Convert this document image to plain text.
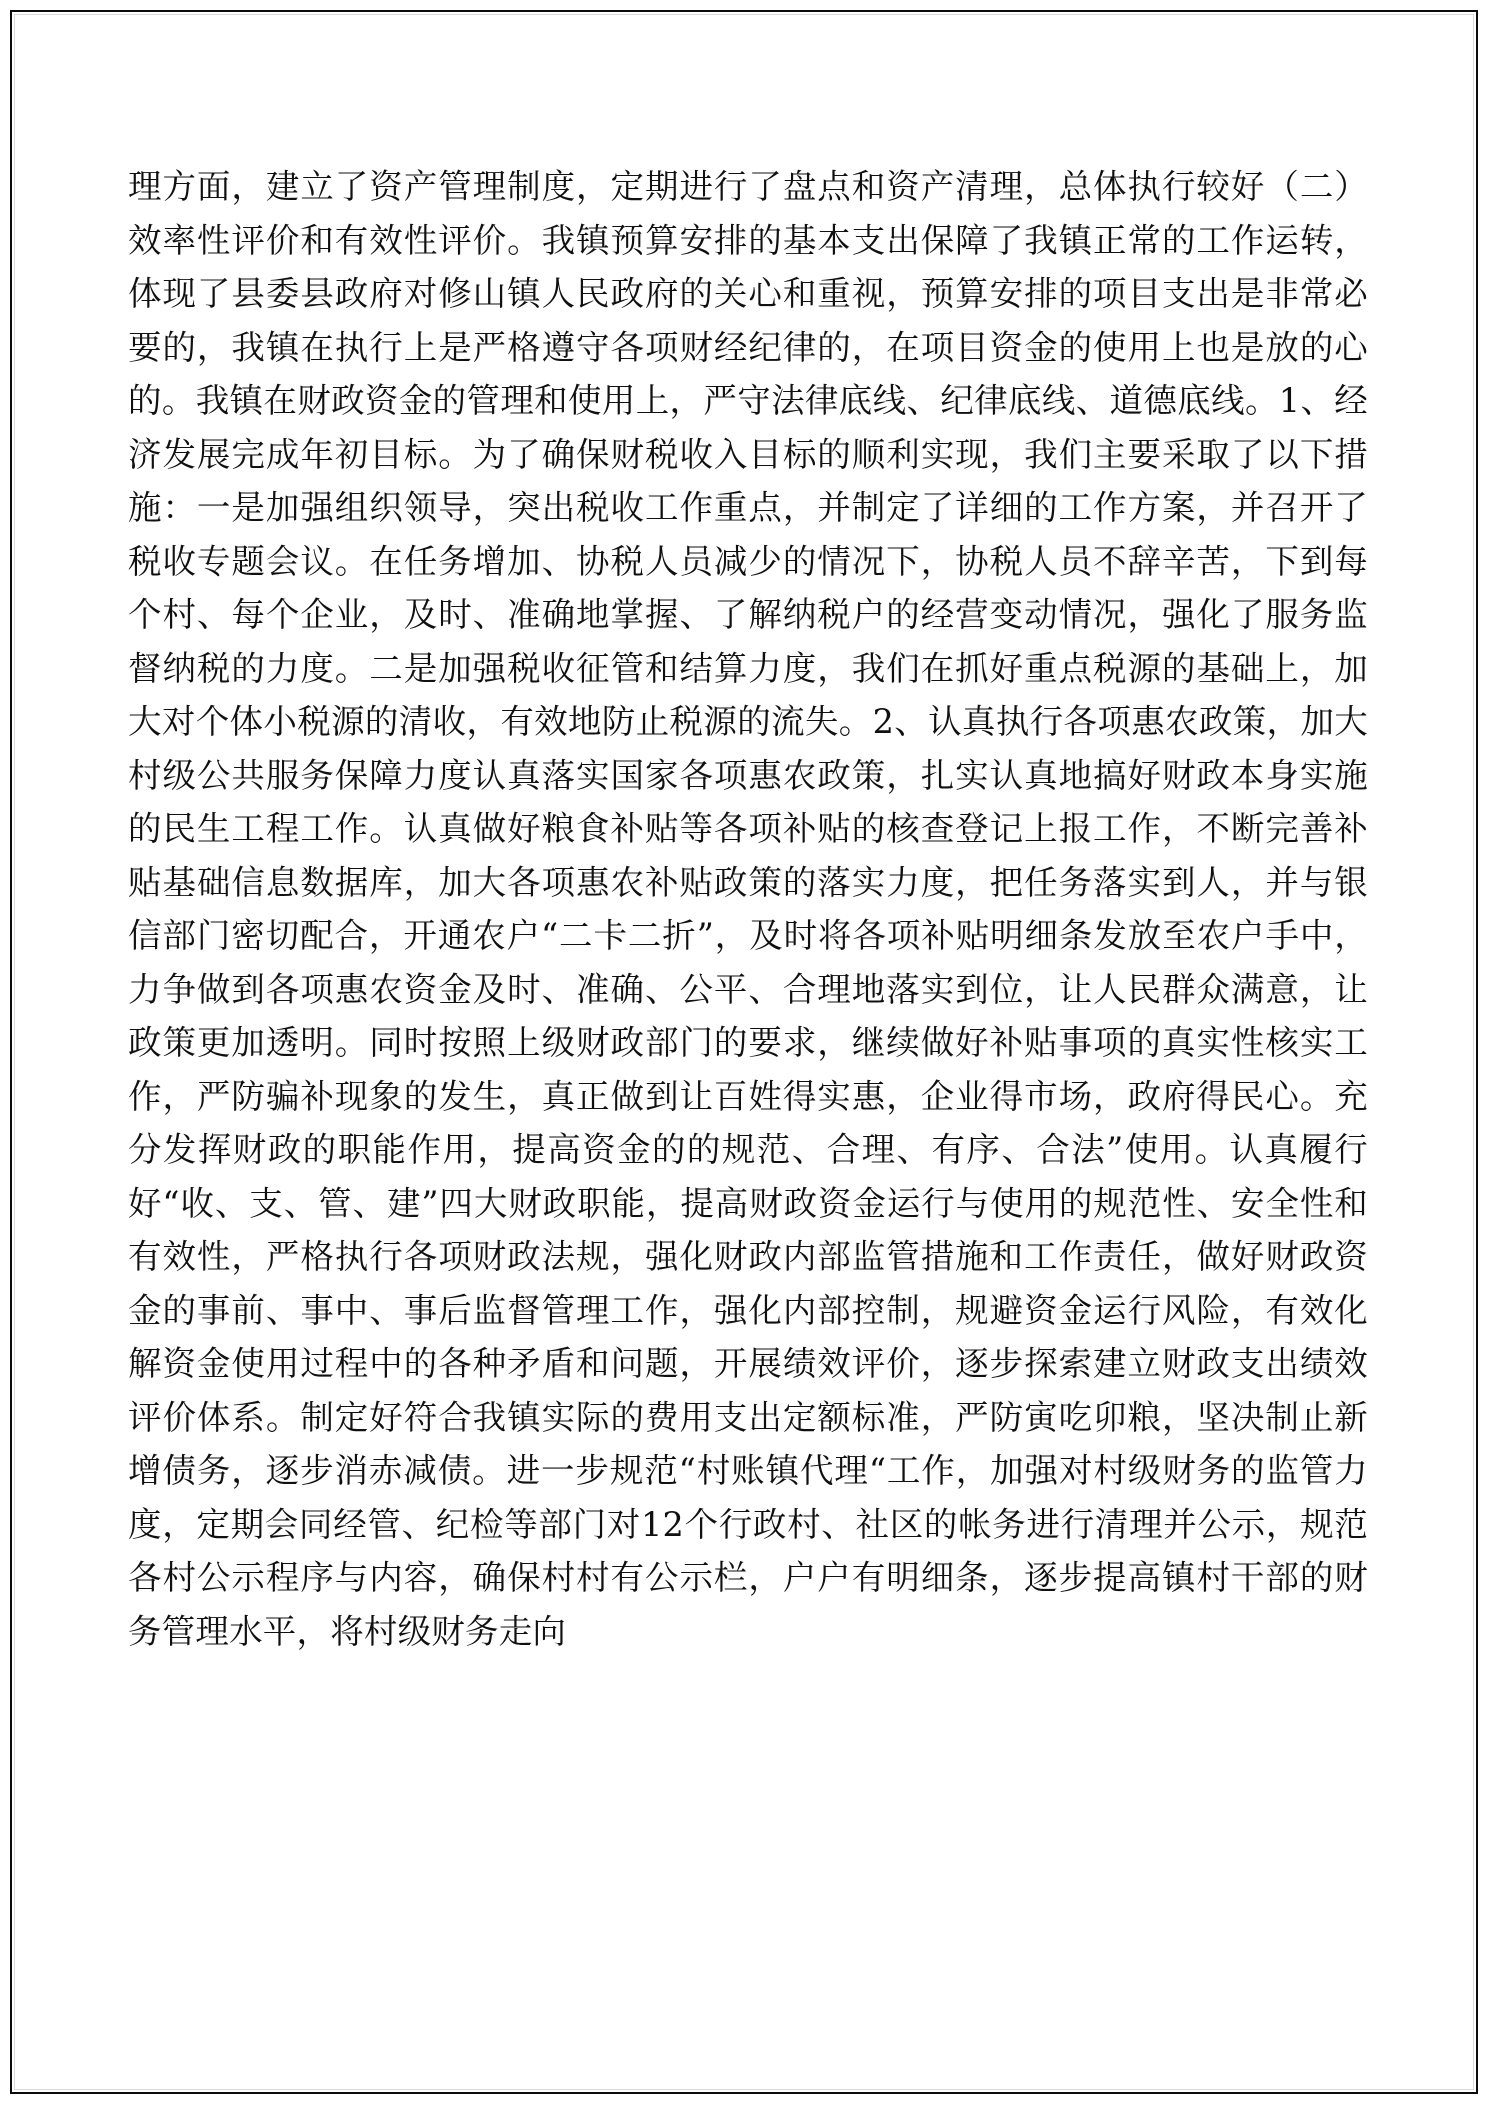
理方面，建立了资产管理制度，定期进行了盘点和资产清理，总体执行较好（二）效率性评价和有效性评价。我镇预算安排的基本支出保障了我镇正常的工作运转，体现了县委县政府对修山镇人民政府的关心和重视，预算安排的项目支出是非常必要的，我镇在执行上是严格遵守各项财经纪律的，在项目资金的使用上也是放的心的。我镇在财政资金的管理和使用上，严守法律底线、纪律底线、道德底线。1、经济发展完成年初目标。为了确保财税收入目标的顺利实现，我们主要采取了以下措施：一是加强组织领导，突出税收工作重点，并制定了详细的工作方案，并召开了税收专题会议。在任务增加、协税人员减少的情况下，协税人员不辞辛苦，下到每个村、每个企业，及时、准确地掌握、了解纳税户的经营变动情况，强化了服务监督纳税的力度。二是加强税收征管和结算力度，我们在抓好重点税源的基础上，加大对个体小税源的清收，有效地防止税源的流失。2、认真执行各项惠农政策，加大村级公共服务保障力度认真落实国家各项惠农政策，扎实认真地搞好财政本身实施的民生工程工作。认真做好粮食补贴等各项补贴的核查登记上报工作，不断完善补贴基础信息数据库，加大各项惠农补贴政策的落实力度，把任务落实到人，并与银信部门密切配合，开通农户“二卡二折”，及时将各项补贴明细条发放至农户手中，力争做到各项惠农资金及时、准确、公平、合理地落实到位，让人民群众满意，让政策更加透明。同时按照上级财政部门的要求，继续做好补贴事项的真实性核实工作，严防骗补现象的发生，真正做到让百姓得实惠，企业得市场，政府得民心。充分发挥财政的职能作用，提高资金的的规范、合理、有序、合法”使用。认真履行好“收、支、管、建”四大财政职能，提高财政资金运行与使用的规范性、安全性和有效性，严格执行各项财政法规，强化财政内部监管措施和工作责任，做好财政资金的事前、事中、事后监督管理工作，强化内部控制，规避资金运行风险，有效化解资金使用过程中的各种矛盾和问题，开展绩效评价，逐步探索建立财政支出绩效评价体系。制定好符合我镇实际的费用支出定额标准，严防寅吃卯粮，坚决制止新增债务，逐步消赤减债。进一步规范“村账镇代理“工作，加强对村级财务的监管力度，定期会同经管、纪检等部门对12个行政村、社区的帐务进行清理并公示，规范各村公示程序与内容，确保村村有公示栏，户户有明细条，逐步提高镇村干部的财务管理水平，将村级财务走向
